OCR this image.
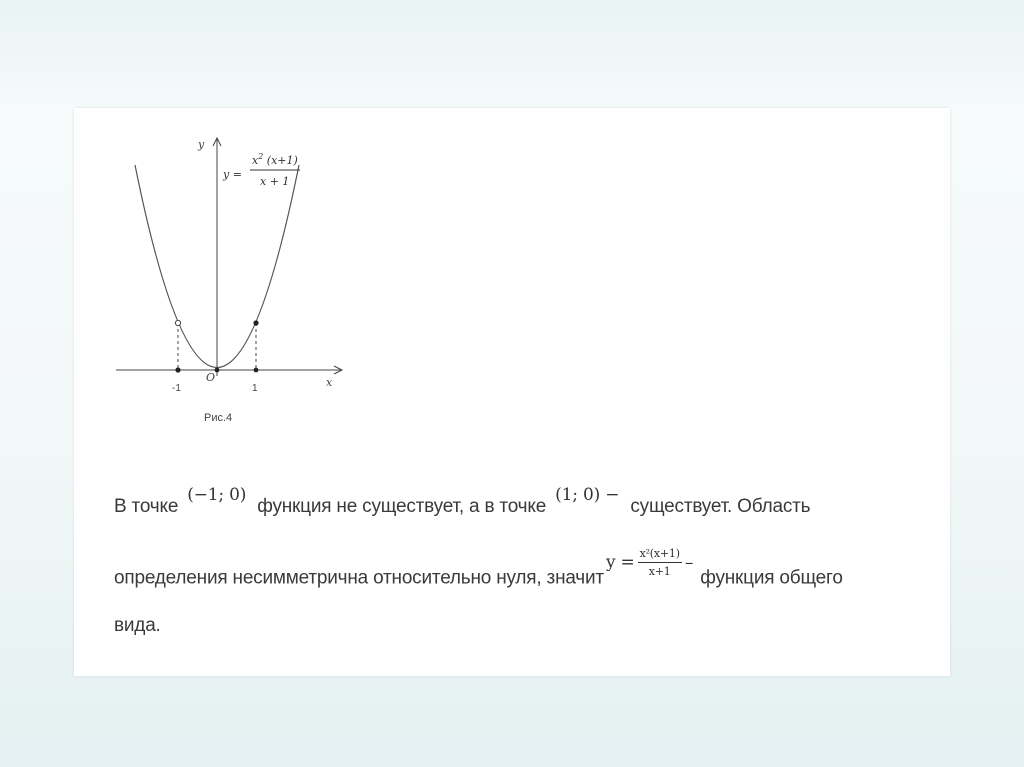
y
x
O
-1	1
y =
$x^2$ (x+1)
x + 1
Рис.4
В точке (−1; 0) функция не существует, а в точке (1; 0) − существует. Область
определения несимметрична относительно нуля, значитy = $\frac{\text{x²(x+1)}}{x+1}$ – функция общего
вида.
